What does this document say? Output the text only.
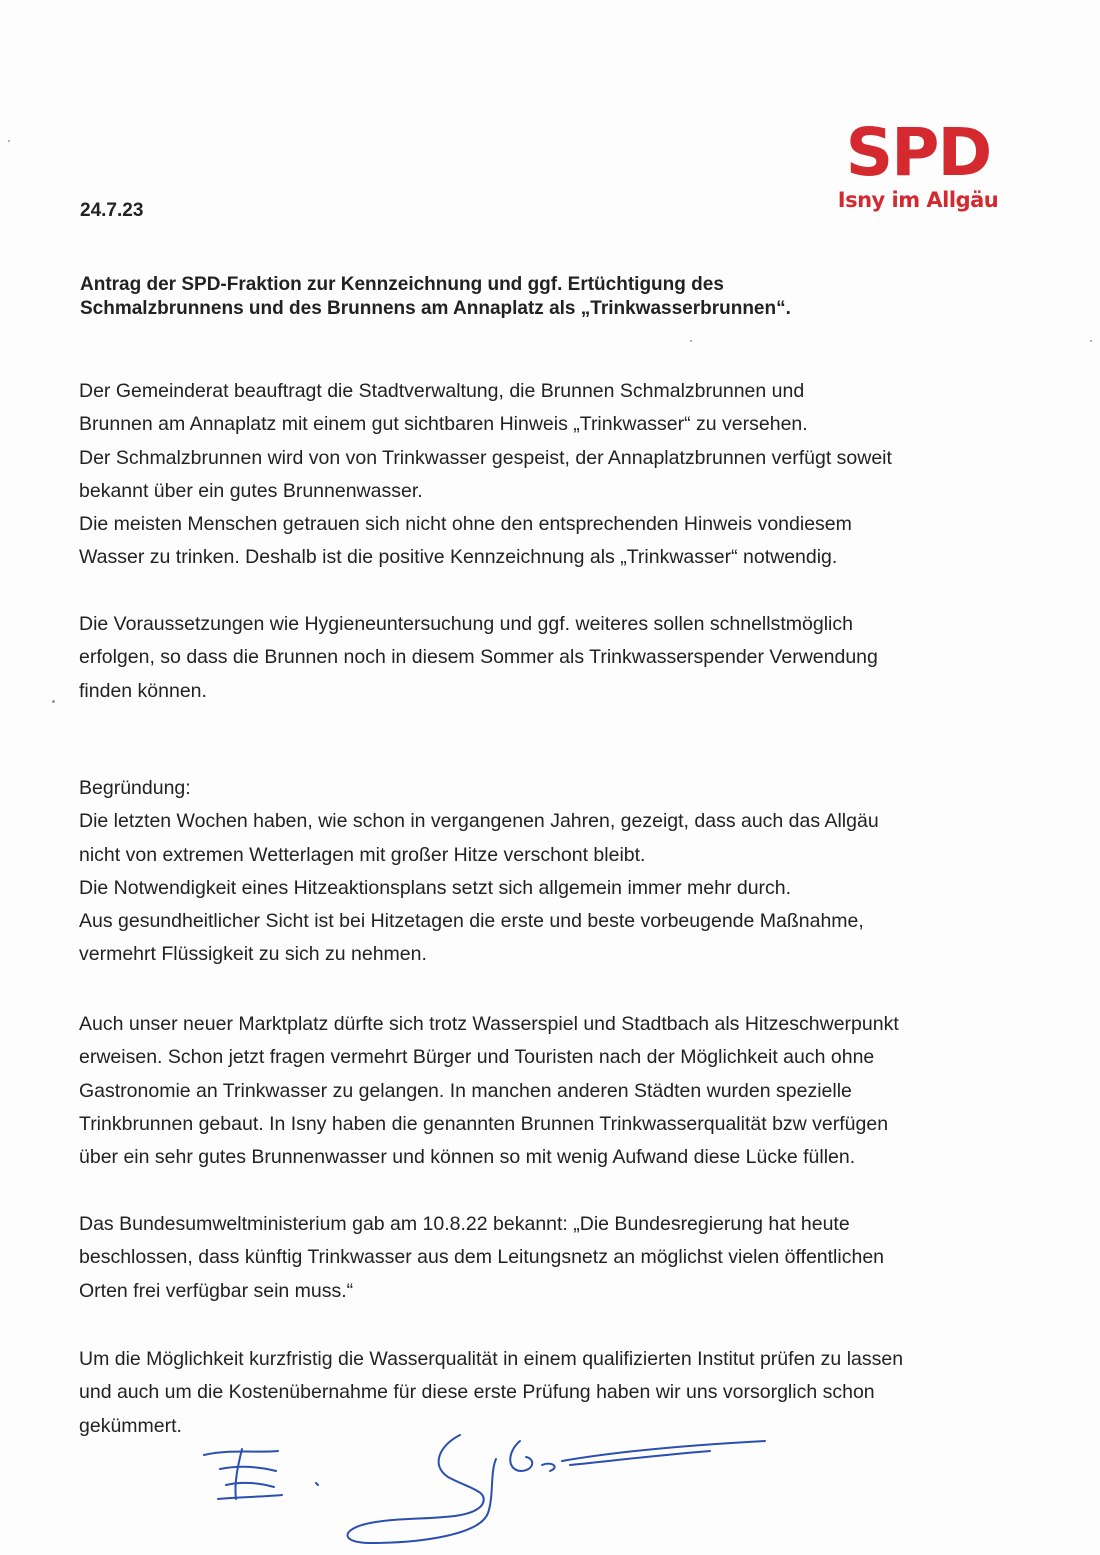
SPD
Isny im Allgäu
24.7.23
Antrag der SPD-Fraktion zur Kennzeichnung und ggf. Ertüchtigung des
Schmalzbrunnens und des Brunnens am Annaplatz als „Trinkwasserbrunnen“.
Der Gemeinderat beauftragt die Stadtverwaltung, die Brunnen Schmalzbrunnen und
Brunnen am Annaplatz mit einem gut sichtbaren Hinweis „Trinkwasser“ zu versehen.
Der Schmalzbrunnen wird von von Trinkwasser gespeist, der Annaplatzbrunnen verfügt soweit
bekannt über ein gutes Brunnenwasser.
Die meisten Menschen getrauen sich nicht ohne den entsprechenden Hinweis vondiesem
Wasser zu trinken. Deshalb ist die positive Kennzeichnung als „Trinkwasser“ notwendig.
Die Voraussetzungen wie Hygieneuntersuchung und ggf. weiteres sollen schnellstmöglich
erfolgen, so dass die Brunnen noch in diesem Sommer als Trinkwasserspender Verwendung
finden können.
Begründung:
Die letzten Wochen haben, wie schon in vergangenen Jahren, gezeigt, dass auch das Allgäu
nicht von extremen Wetterlagen mit großer Hitze verschont bleibt.
Die Notwendigkeit eines Hitzeaktionsplans setzt sich allgemein immer mehr durch.
Aus gesundheitlicher Sicht ist bei Hitzetagen die erste und beste vorbeugende Maßnahme,
vermehrt Flüssigkeit zu sich zu nehmen.
Auch unser neuer Marktplatz dürfte sich trotz Wasserspiel und Stadtbach als Hitzeschwerpunkt
erweisen. Schon jetzt fragen vermehrt Bürger und Touristen nach der Möglichkeit auch ohne
Gastronomie an Trinkwasser zu gelangen. In manchen anderen Städten wurden spezielle
Trinkbrunnen gebaut. In Isny haben die genannten Brunnen Trinkwasserqualität bzw verfügen
über ein sehr gutes Brunnenwasser und können so mit wenig Aufwand diese Lücke füllen.
Das Bundesumweltministerium gab am 10.8.22 bekannt: „Die Bundesregierung hat heute
beschlossen, dass künftig Trinkwasser aus dem Leitungsnetz an möglichst vielen öffentlichen
Orten frei verfügbar sein muss.“
Um die Möglichkeit kurzfristig die Wasserqualität in einem qualifizierten Institut prüfen zu lassen
und auch um die Kostenübernahme für diese erste Prüfung haben wir uns vorsorglich schon
gekümmert.
